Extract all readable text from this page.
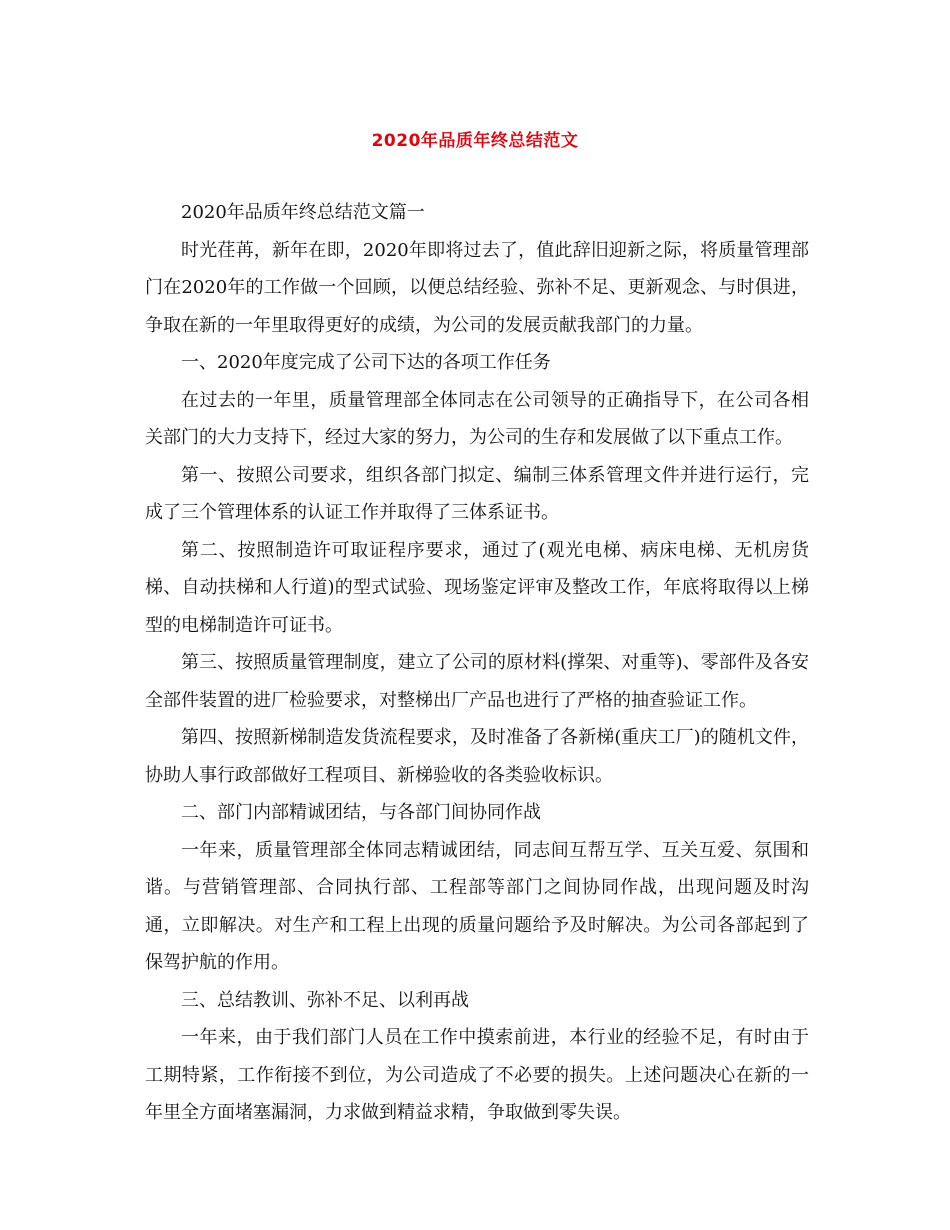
2020年品质年终总结范文

2020年品质年终总结范文篇一

时光荏苒，新年在即，2020年即将过去了，值此辞旧迎新之际，将质量管理部门在2020年的工作做一个回顾，以便总结经验、弥补不足、更新观念、与时俱进，争取在新的一年里取得更好的成绩，为公司的发展贡献我部门的力量。

一、2020年度完成了公司下达的各项工作任务

在过去的一年里，质量管理部全体同志在公司领导的正确指导下，在公司各相关部门的大力支持下，经过大家的努力，为公司的生存和发展做了以下重点工作。

第一、按照公司要求，组织各部门拟定、编制三体系管理文件并进行运行，完成了三个管理体系的认证工作并取得了三体系证书。

第二、按照制造许可取证程序要求，通过了(观光电梯、病床电梯、无机房货梯、自动扶梯和人行道)的型式试验、现场鉴定评审及整改工作，年底将取得以上梯型的电梯制造许可证书。

第三、按照质量管理制度，建立了公司的原材料(撑架、对重等)、零部件及各安全部件装置的进厂检验要求，对整梯出厂产品也进行了严格的抽查验证工作。

第四、按照新梯制造发货流程要求，及时准备了各新梯(重庆工厂)的随机文件，协助人事行政部做好工程项目、新梯验收的各类验收标识。

二、部门内部精诚团结，与各部门间协同作战

一年来，质量管理部全体同志精诚团结，同志间互帮互学、互关互爱、氛围和谐。与营销管理部、合同执行部、工程部等部门之间协同作战，出现问题及时沟通，立即解决。对生产和工程上出现的质量问题给予及时解决。为公司各部起到了保驾护航的作用。

三、总结教训、弥补不足、以利再战

一年来，由于我们部门人员在工作中摸索前进，本行业的经验不足，有时由于工期特紧，工作衔接不到位，为公司造成了不必要的损失。上述问题决心在新的一年里全方面堵塞漏洞，力求做到精益求精，争取做到零失误。
